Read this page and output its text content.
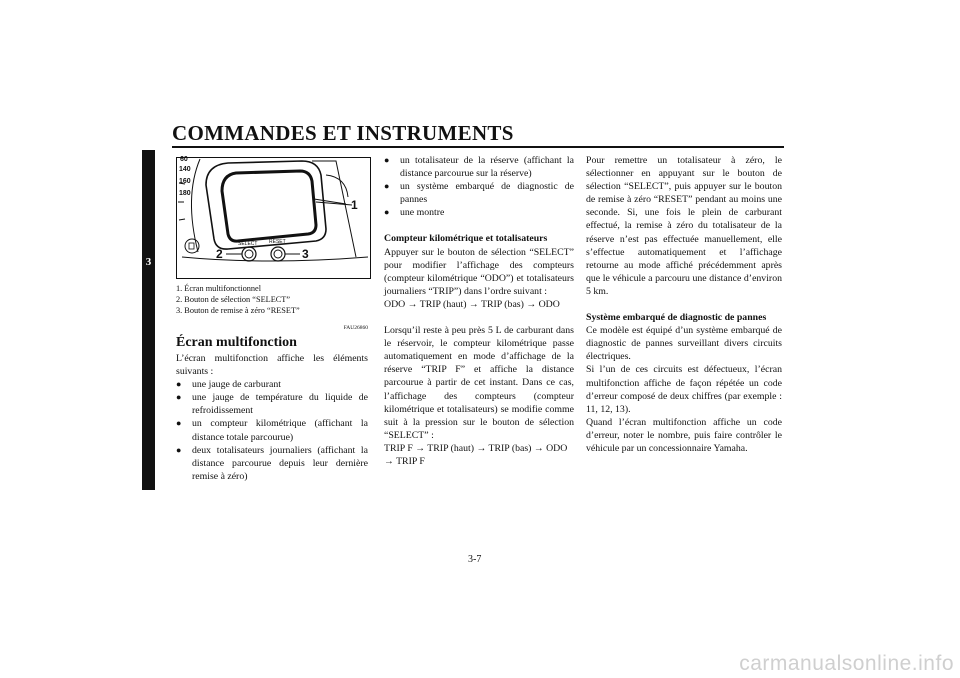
COMMANDES ET INSTRUMENTS
3
60
140
160
180
SELECT RESET
1
2	3
1. Écran multifonctionnel
2. Bouton de sélection “SELECT”
3. Bouton de remise à zéro “RESET”
FAU26860
Écran multifonction

L’écran multifonction affiche les éléments suivants :

●	une jauge de carburant
●	une jauge de température du liquide de refroidissement
●	un compteur kilométrique (affichant la distance totale parcourue)
●	deux totalisateurs journaliers (affichant la distance parcourue depuis leur dernière remise à zéro)
●	un totalisateur de la réserve (affichant la distance parcourue sur la réserve)
●	un système embarqué de diagnostic de pannes
●	une montre

Compteur kilométrique et totalisateurs

Appuyer sur le bouton de sélection “SELECT” pour modifier l’affichage des compteurs (compteur kilométrique “ODO”) et totalisateurs journaliers “TRIP”) dans l’ordre suivant :

ODO → TRIP (haut) → TRIP (bas) → ODO

Lorsqu’il reste à peu près 5 L de carburant dans le réservoir, le compteur kilométrique passe automatiquement en mode d’affichage de la réserve “TRIP F” et affiche la distance parcourue à partir de cet instant. Dans ce cas, l’affichage des compteurs (compteur kilométrique et totalisateurs) se modifie comme suit à la pression sur le bouton de sélection “SELECT” :

TRIP F → TRIP (haut) → TRIP (bas) → ODO → TRIP F

Pour remettre un totalisateur à zéro, le sélectionner en appuyant sur le bouton de sélection “SELECT”, puis appuyer sur le bouton de remise à zéro “RESET” pendant au moins une seconde. Si, une fois le plein de carburant effectué, la remise à zéro du totalisateur de la réserve n’est pas effectuée manuellement, elle s’effectue automatiquement et l’affichage retourne au mode affiché précédemment après que le véhicule a parcouru une distance d’environ 5 km.

Système embarqué de diagnostic de pannes

Ce modèle est équipé d’un système embarqué de diagnostic de pannes surveillant divers circuits électriques.

Si l’un de ces circuits est défectueux, l’écran multifonction affiche de façon répétée un code d’erreur composé de deux chiffres (par exemple : 11, 12, 13).

Quand l’écran multifonction affiche un code d’erreur, noter le nombre, puis faire contrôler le véhicule par un concessionnaire Yamaha.

3-7
carmanualsonline.info
